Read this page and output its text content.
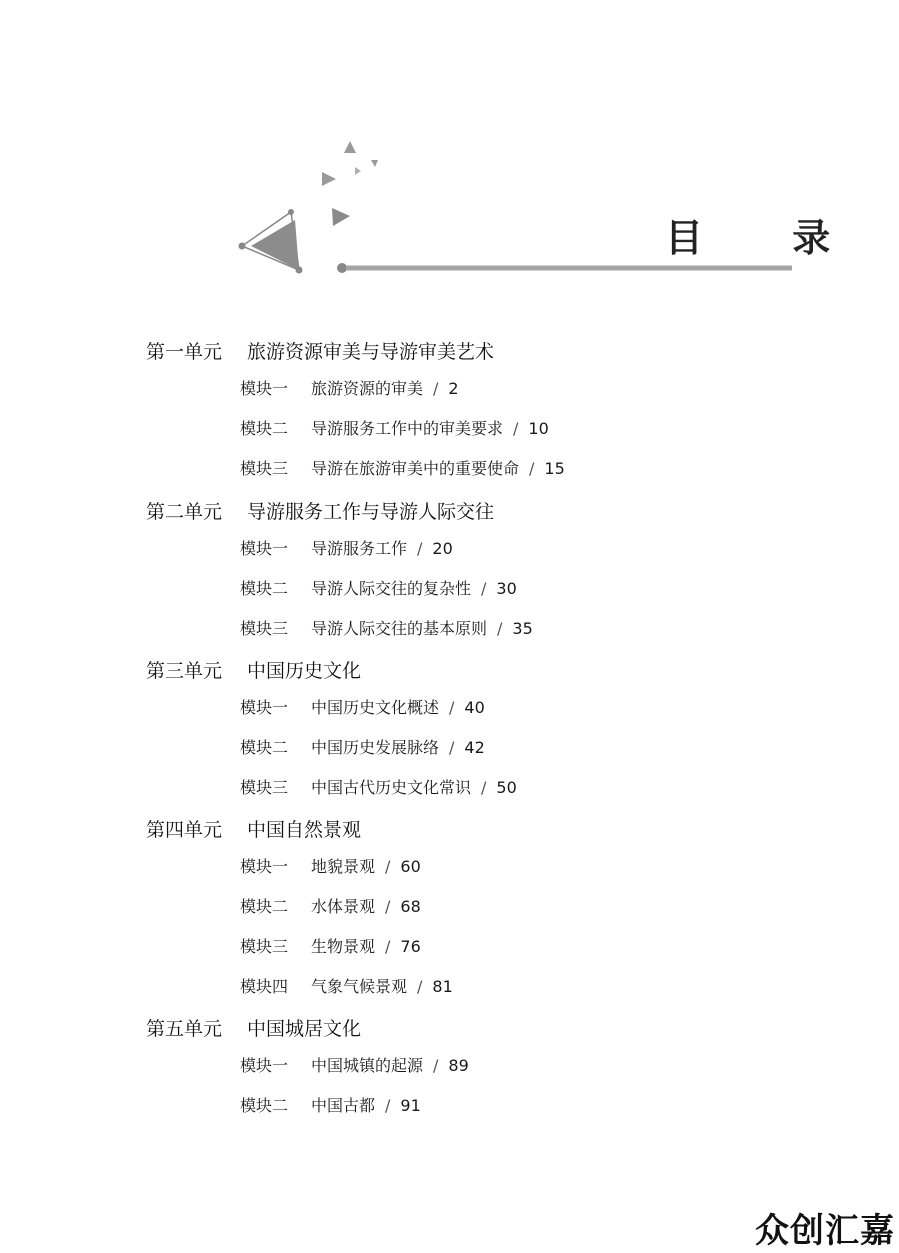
目 录
第一单元 旅游资源审美与导游审美艺术
模块一 旅游资源的审美 / 2
模块二 导游服务工作中的审美要求 / 10
模块三 导游在旅游审美中的重要使命 / 15
第二单元 导游服务工作与导游人际交往
模块一 导游服务工作 / 20
模块二 导游人际交往的复杂性 / 30
模块三 导游人际交往的基本原则 / 35
第三单元 中国历史文化
模块一 中国历史文化概述 / 40
模块二 中国历史发展脉络 / 42
模块三 中国古代历史文化常识 / 50
第四单元 中国自然景观
模块一 地貌景观 / 60
模块二 水体景观 / 68
模块三 生物景观 / 76
模块四 气象气候景观 / 81
第五单元 中国城居文化
模块一 中国城镇的起源 / 89
模块二 中国古都 / 91
众创汇嘉
